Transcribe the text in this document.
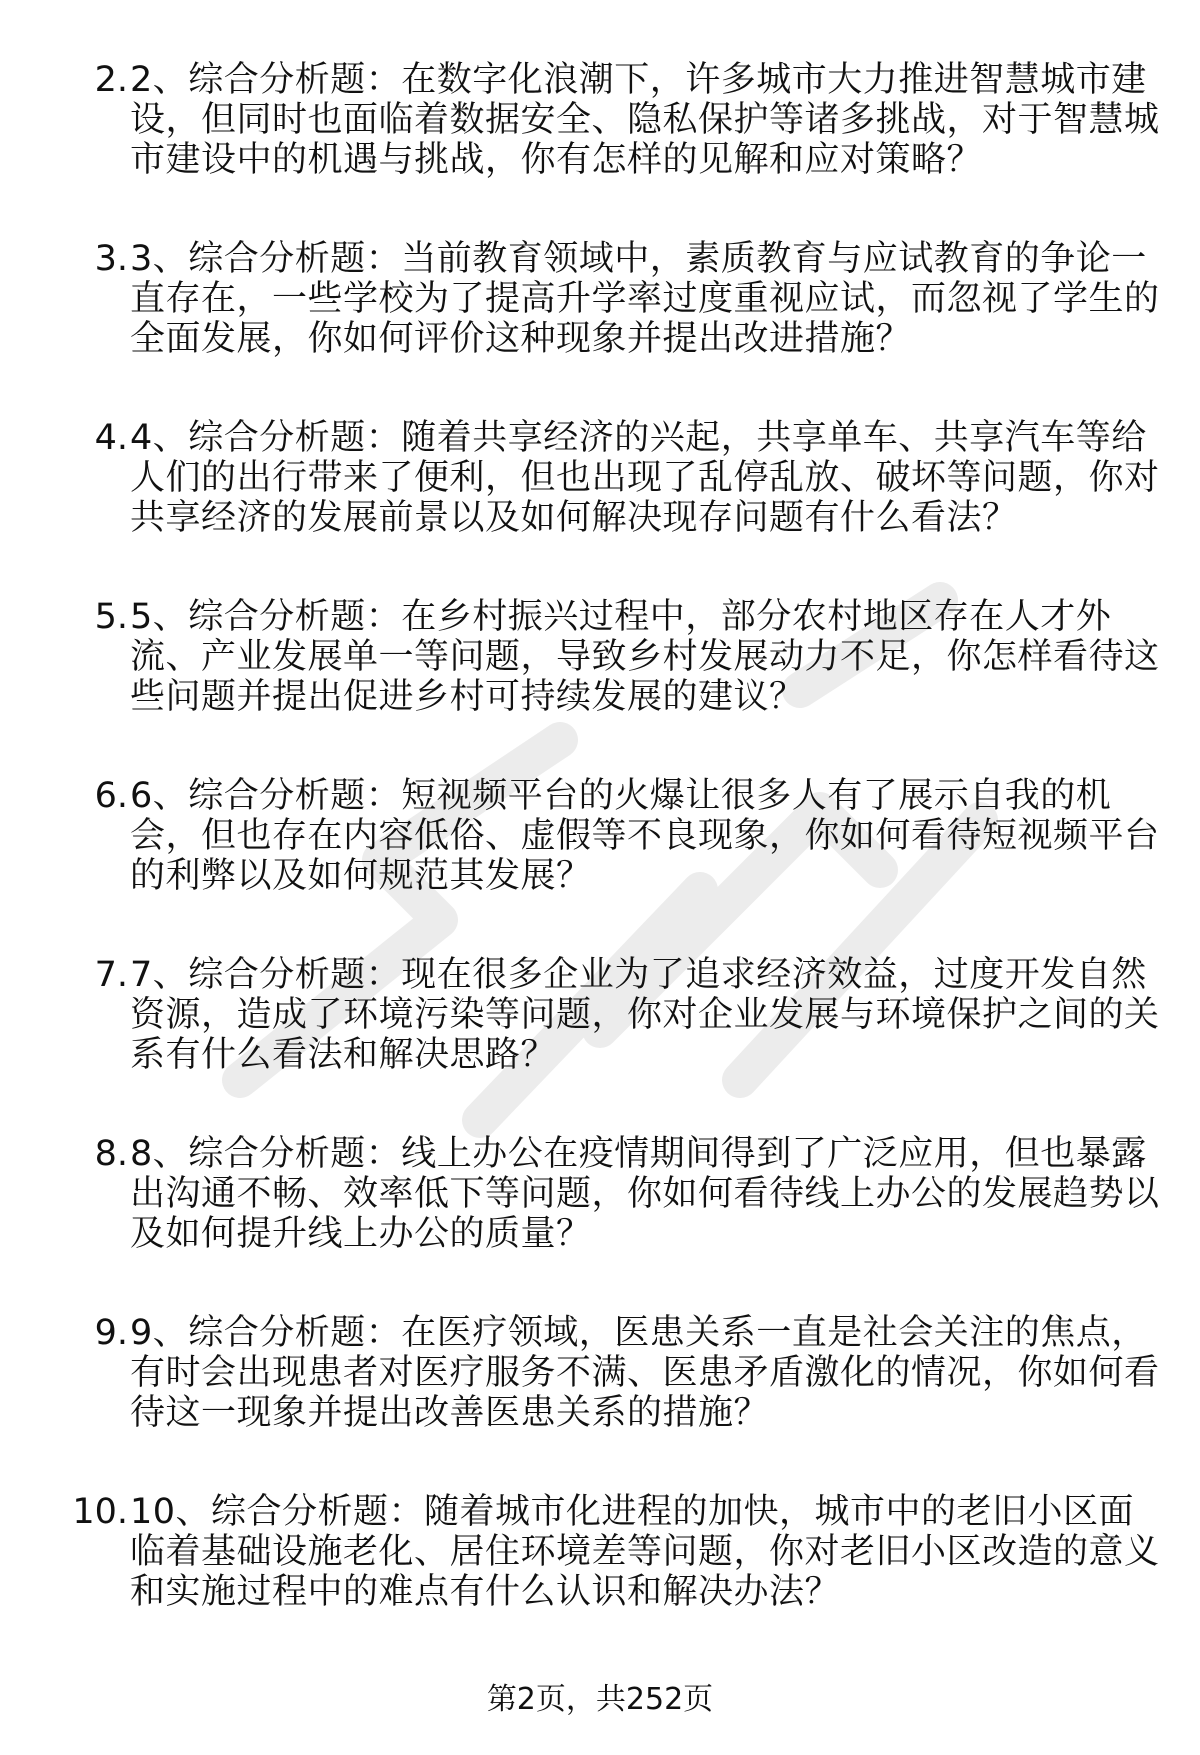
2. 2、综合分析题：在数字化浪潮下，许多城市大力推进智慧城市建设，但同时也面临着数据安全、隐私保护等诸多挑战，对于智慧城市建设中的机遇与挑战，你有怎样的见解和应对策略？
3. 3、综合分析题：当前教育领域中，素质教育与应试教育的争论一直存在，一些学校为了提高升学率过度重视应试，而忽视了学生的全面发展，你如何评价这种现象并提出改进措施？
4. 4、综合分析题：随着共享经济的兴起，共享单车、共享汽车等给人们的出行带来了便利，但也出现了乱停乱放、破坏等问题，你对共享经济的发展前景以及如何解决现存问题有什么看法？
5. 5、综合分析题：在乡村振兴过程中，部分农村地区存在人才外流、产业发展单一等问题，导致乡村发展动力不足，你怎样看待这些问题并提出促进乡村可持续发展的建议？
6. 6、综合分析题：短视频平台的火爆让很多人有了展示自我的机会，但也存在内容低俗、虚假等不良现象，你如何看待短视频平台的利弊以及如何规范其发展？
7. 7、综合分析题：现在很多企业为了追求经济效益，过度开发自然资源，造成了环境污染等问题，你对企业发展与环境保护之间的关系有什么看法和解决思路？
8. 8、综合分析题：线上办公在疫情期间得到了广泛应用，但也暴露出沟通不畅、效率低下等问题，你如何看待线上办公的发展趋势以及如何提升线上办公的质量？
9. 9、综合分析题：在医疗领域，医患关系一直是社会关注的焦点，有时会出现患者对医疗服务不满、医患矛盾激化的情况，你如何看待这一现象并提出改善医患关系的措施？
10. 10、综合分析题：随着城市化进程的加快，城市中的老旧小区面临着基础设施老化、居住环境差等问题，你对老旧小区改造的意义和实施过程中的难点有什么认识和解决办法？
第2页，共252页
